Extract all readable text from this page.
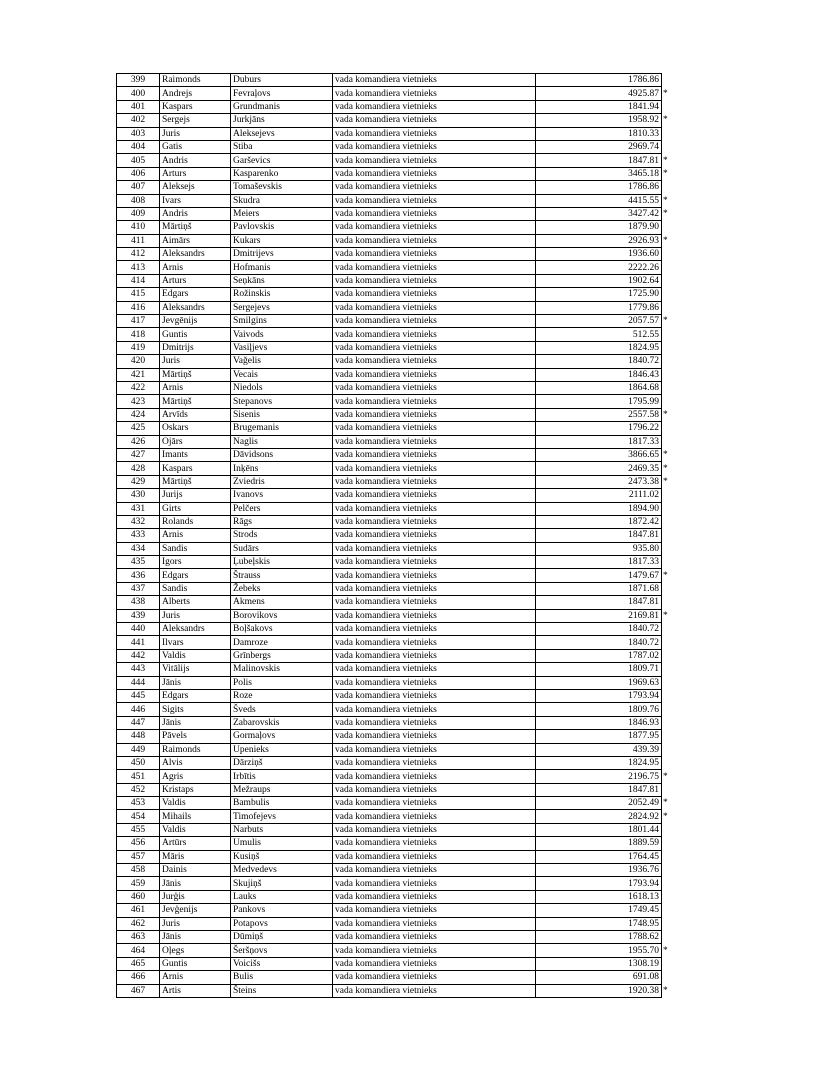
399	Raimonds	Duburs	vada komandiera vietnieks	1786.86	
400	Andrejs	Fevraļovs	vada komandiera vietnieks	4925.87	*
401	Kaspars	Grundmanis	vada komandiera vietnieks	1841.94	
402	Sergejs	Jurkjāns	vada komandiera vietnieks	1958.92	*
403	Juris	Aleksejevs	vada komandiera vietnieks	1810.33	
404	Gatis	Stiba	vada komandiera vietnieks	2969.74	
405	Andris	Garševics	vada komandiera vietnieks	1847.81	*
406	Arturs	Kasparenko	vada komandiera vietnieks	3465.18	*
407	Aleksejs	Tomaševskis	vada komandiera vietnieks	1786.86	
408	Ivars	Skudra	vada komandiera vietnieks	4415.55	*
409	Andris	Meiers	vada komandiera vietnieks	3427.42	*
410	Mārtiņš	Pavlovskis	vada komandiera vietnieks	1879.90	
411	Aimārs	Kukars	vada komandiera vietnieks	2926.93	*
412	Aleksandrs	Dmitrijevs	vada komandiera vietnieks	1936.60	
413	Arnis	Hofmanis	vada komandiera vietnieks	2222.26	
414	Arturs	Seņkāns	vada komandiera vietnieks	1902.64	
415	Edgars	Rožinskis	vada komandiera vietnieks	1725.90	
416	Aleksandrs	Sergejevs	vada komandiera vietnieks	1779.86	
417	Jevgēnijs	Smilgins	vada komandiera vietnieks	2057.57	*
418	Guntis	Vaivods	vada komandiera vietnieks	512.55	
419	Dmitrijs	Vasiļjevs	vada komandiera vietnieks	1824.95	
420	Juris	Vağelis	vada komandiera vietnieks	1840.72	
421	Mārtiņš	Vecais	vada komandiera vietnieks	1846.43	
422	Arnis	Niedols	vada komandiera vietnieks	1864.68	
423	Mārtiņš	Stepanovs	vada komandiera vietnieks	1795.99	
424	Arvīds	Sisenis	vada komandiera vietnieks	2557.58	*
425	Oskars	Brugemanis	vada komandiera vietnieks	1796.22	
426	Ojārs	Naglis	vada komandiera vietnieks	1817.33	
427	Imants	Dāvidsons	vada komandiera vietnieks	3866.65	*
428	Kaspars	Inķēns	vada komandiera vietnieks	2469.35	*
429	Mārtiņš	Zviedris	vada komandiera vietnieks	2473.38	*
430	Jurijs	Ivanovs	vada komandiera vietnieks	2111.02	
431	Girts	Pelčers	vada komandiera vietnieks	1894.90	
432	Rolands	Rāgs	vada komandiera vietnieks	1872.42	
433	Arnis	Strods	vada komandiera vietnieks	1847.81	
434	Sandis	Sudārs	vada komandiera vietnieks	935.80	
435	Igors	Ļubeļskis	vada komandiera vietnieks	1817.33	
436	Edgars	Štrauss	vada komandiera vietnieks	1479.67	*
437	Sandis	Žebeks	vada komandiera vietnieks	1871.68	
438	Alberts	Akmens	vada komandiera vietnieks	1847.81	
439	Juris	Borovikovs	vada komandiera vietnieks	2169.81	*
440	Aleksandrs	Boļšakovs	vada komandiera vietnieks	1840.72	
441	Ilvars	Damroze	vada komandiera vietnieks	1840.72	
442	Valdis	Grīnbergs	vada komandiera vietnieks	1787.02	
443	Vitālijs	Malinovskis	vada komandiera vietnieks	1809.71	
444	Jānis	Polis	vada komandiera vietnieks	1969.63	
445	Edgars	Roze	vada komandiera vietnieks	1793.94	
446	Sigits	Šveds	vada komandiera vietnieks	1809.76	
447	Jānis	Zabarovskis	vada komandiera vietnieks	1846.93	
448	Pāvels	Gormaļovs	vada komandiera vietnieks	1877.95	
449	Raimonds	Upenieks	vada komandiera vietnieks	439.39	
450	Alvis	Dārziņš	vada komandiera vietnieks	1824.95	
451	Agris	Irbītis	vada komandiera vietnieks	2196.75	*
452	Kristaps	Mežraups	vada komandiera vietnieks	1847.81	
453	Valdis	Bambulis	vada komandiera vietnieks	2052.49	*
454	Mihails	Timofejevs	vada komandiera vietnieks	2824.92	*
455	Valdis	Narbuts	vada komandiera vietnieks	1801.44	
456	Artūrs	Umulis	vada komandiera vietnieks	1889.59	
457	Māris	Kusiņš	vada komandiera vietnieks	1764.45	
458	Dainis	Medvedevs	vada komandiera vietnieks	1936.76	
459	Jānis	Skujiņš	vada komandiera vietnieks	1793.94	
460	Jurģis	Lauks	vada komandiera vietnieks	1618.13	
461	Jevģenijs	Pankovs	vada komandiera vietnieks	1749.45	
462	Juris	Potapovs	vada komandiera vietnieks	1748.95	
463	Jānis	Dūmiņš	vada komandiera vietnieks	1788.62	
464	Oļegs	Šeršņovs	vada komandiera vietnieks	1955.70	*
465	Guntis	Voicišs	vada komandiera vietnieks	1308.19	
466	Arnis	Bulis	vada komandiera vietnieks	691.08	
467	Artis	Šteins	vada komandiera vietnieks	1920.38	*
